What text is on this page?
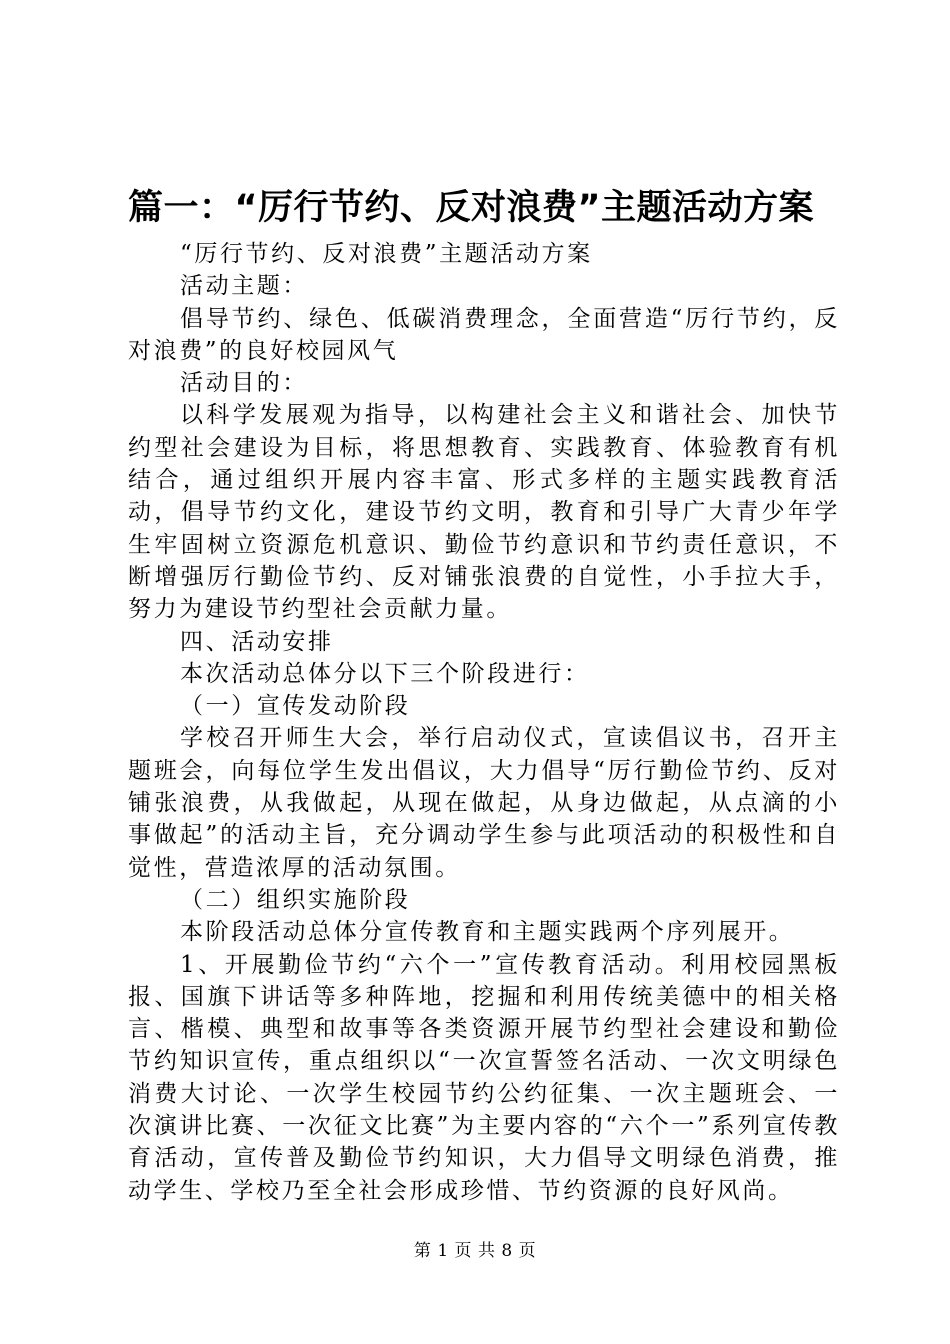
篇一：“厉行节约、反对浪费”主题活动方案

“厉行节约、反对浪费”主题活动方案

活动主题：

倡导节约、绿色、低碳消费理念，全面营造“厉行节约，反对浪费”的良好校园风气

活动目的：

以科学发展观为指导，以构建社会主义和谐社会、加快节约型社会建设为目标，将思想教育、实践教育、体验教育有机结合，通过组织开展内容丰富、形式多样的主题实践教育活动，倡导节约文化，建设节约文明，教育和引导广大青少年学生牢固树立资源危机意识、勤俭节约意识和节约责任意识，不断增强厉行勤俭节约、反对铺张浪费的自觉性，小手拉大手，努力为建设节约型社会贡献力量。

四、活动安排

本次活动总体分以下三个阶段进行：

（一）宣传发动阶段

学校召开师生大会，举行启动仪式，宣读倡议书，召开主题班会，向每位学生发出倡议，大力倡导“厉行勤俭节约、反对铺张浪费，从我做起，从现在做起，从身边做起，从点滴的小事做起”的活动主旨，充分调动学生参与此项活动的积极性和自觉性，营造浓厚的活动氛围。

（二）组织实施阶段

本阶段活动总体分宣传教育和主题实践两个序列展开。

1、开展勤俭节约“六个一”宣传教育活动。利用校园黑板报、国旗下讲话等多种阵地，挖掘和利用传统美德中的相关格言、楷模、典型和故事等各类资源开展节约型社会建设和勤俭节约知识宣传，重点组织以“一次宣誓签名活动、一次文明绿色消费大讨论、一次学生校园节约公约征集、一次主题班会、一次演讲比赛、一次征文比赛”为主要内容的“六个一”系列宣传教育活动，宣传普及勤俭节约知识，大力倡导文明绿色消费，推动学生、学校乃至全社会形成珍惜、节约资源的良好风尚。

第 1 页 共 8 页
